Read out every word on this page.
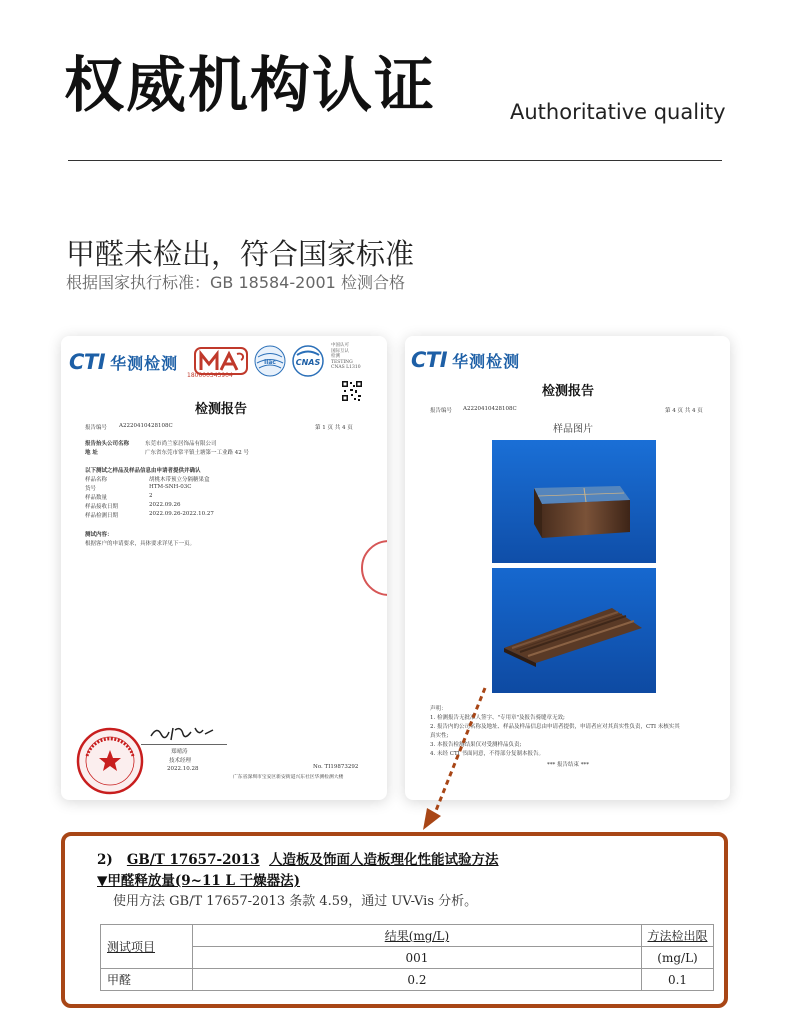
权威机构认证	Authoritative quality
甲醛未检出，符合国家标准
根据国家执行标准：GB 18584-2001 检测合格
CTI 华测检测
180000343904
ilac CNAS
中国认可
国际互认
检测
TESTING
CNAS L1310
检测报告
报告编号 A2220410428108C	第 1 页 共 4 页
报告抬头公司名称	东莞市尚兰家居饰品有限公司
地 址	广东省东莞市常平镇土塘第一工业路 42 号
以下测试之样品及样品信息由申请者提供并确认
样品名称	胡桃木带预立分隔糖果盒
货号	HTM-SNH-03C
样品数量	2
样品接收日期	2022.09.26
样品检测日期	2022.09.26-2022.10.27
测试内容：
根据客户的申请要求，具体要求详见下一页。
郑晴涛
技术经理
2022.10.28	No. TI19873292
广东省深圳市宝安区新安街道兴东社区华测检测大楼
CTI 华测检测
检测报告
报告编号 A2220410428108C	第 4 页 共 4 页
样品图片
声明：
1. 检测报告无批准人签字、"专用章"及报告骑缝章无效;
2. 报告内的公司名称及地址、样品及样品信息由申请者提供，申请者应对其真实性负责，CTI 未核实其
真实性;
3. 本报告检测结果仅对受测样品负责;
4. 未经 CTI 书面同意，不得部分复制本报告。
*** 报告结束 ***
2) GB/T 17657-2013 人造板及饰面人造板理化性能试验方法
▼甲醛释放量(9~11 L 干燥器法)
使用方法 GB/T 17657-2013 条款 4.59，通过 UV-Vis 分析。
测试项目	结果(mg/L)	方法检出限
	001	(mg/L)
甲醛	0.2	0.1
